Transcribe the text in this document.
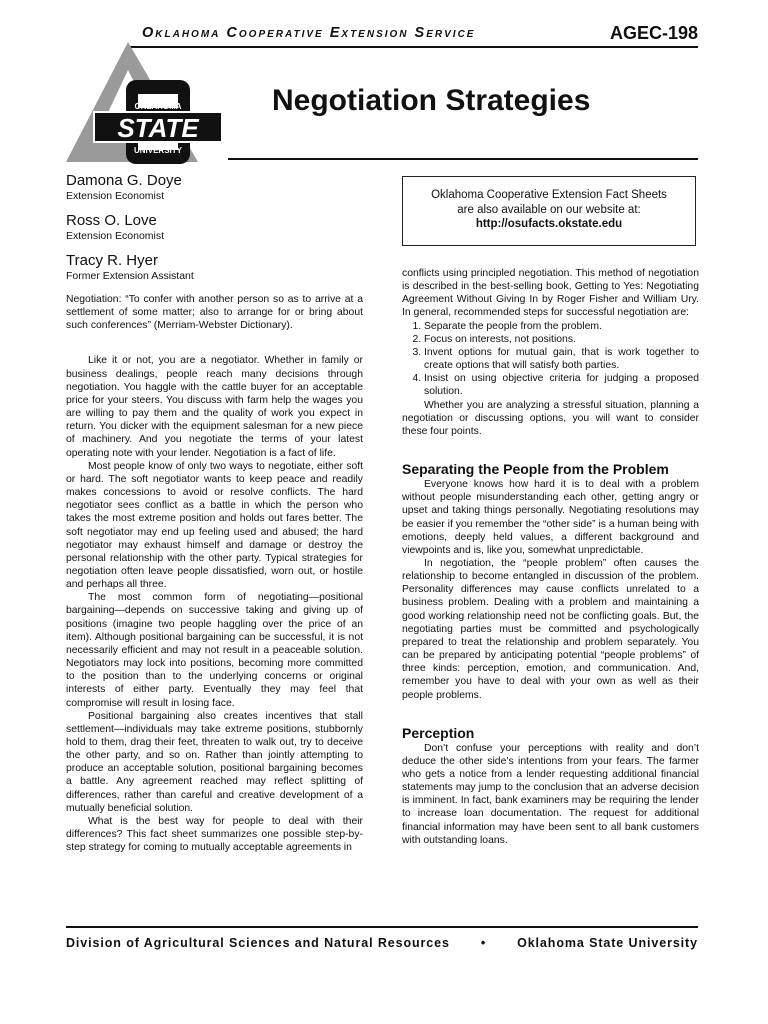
Oklahoma Cooperative Extension Service	AGEC-198
OKLAHOMA
STATE
UNIVERSITY
Negotiation Strategies
Damona G. Doye
Extension Economist
Ross O. Love
Extension Economist
Tracy R. Hyer
Former Extension Assistant
Oklahoma Cooperative Extension Fact Sheets
are also available on our website at:
http://osufacts.okstate.edu

Negotiation: “To confer with another person so as to arrive at a settlement of some matter; also to arrange for or bring about such conferences” (Merriam-Webster Dictionary).

Like it or not, you are a negotiator. Whether in family or business dealings, people reach many decisions through negotiation. You haggle with the cattle buyer for an acceptable price for your steers. You discuss with farm help the wages you are willing to pay them and the quality of work you expect in return. You dicker with the equipment salesman for a new piece of machinery. And you negotiate the terms of your latest operating note with your lender. Negotiation is a fact of life.

Most people know of only two ways to negotiate, either soft or hard. The soft negotiator wants to keep peace and readily makes concessions to avoid or resolve conflicts. The hard negotiator sees conflict as a battle in which the person who takes the most extreme position and holds out fares better. The soft negotiator may end up feeling used and abused; the hard negotiator may exhaust himself and damage or destroy the personal relationship with the other party. Typical strategies for negotiation often leave people dissatisfied, worn out, or hostile and perhaps all three.

The most common form of negotiating—positional bargaining—depends on successive taking and giving up of positions (imagine two people haggling over the price of an item). Although positional bargaining can be successful, it is not necessarily efficient and may not result in a peaceable solution. Negotiators may lock into positions, becoming more committed to the position than to the underlying concerns or original interests of either party. Eventually they may feel that compromise will result in losing face.

Positional bargaining also creates incentives that stall settlement—individuals may take extreme positions, stubbornly hold to them, drag their feet, threaten to walk out, try to deceive the other party, and so on. Rather than jointly attempting to produce an acceptable solution, positional bargaining becomes a battle. Any agreement reached may reflect splitting of differences, rather than careful and creative development of a mutually beneficial solution.

What is the best way for people to deal with their differences? This fact sheet summarizes one possible step-by-step strategy for coming to mutually acceptable agreements in

conflicts using principled negotiation. This method of negotiation is described in the best-selling book, Getting to Yes: Negotiating Agreement Without Giving In by Roger Fisher and William Ury. In general, recommended steps for successful negotiation are:

1. Separate the people from the problem.
2. Focus on interests, not positions.
3. Invent options for mutual gain, that is work together to create options that will satisfy both parties.
4. Insist on using objective criteria for judging a proposed solution.

Whether you are analyzing a stressful situation, planning a negotiation or discussing options, you will want to consider these four points.

Separating the People from the Problem

Everyone knows how hard it is to deal with a problem without people misunderstanding each other, getting angry or upset and taking things personally. Negotiating resolutions may be easier if you remember the “other side” is a human being with emotions, deeply held values, a different background and viewpoints and is, like you, somewhat unpredictable.

In negotiation, the “people problem” often causes the relationship to become entangled in discussion of the problem. Personality differences may cause conflicts unrelated to a business problem. Dealing with a problem and maintaining a good working relationship need not be conflicting goals. But, the negotiating parties must be committed and psychologically prepared to treat the relationship and problem separately. You can be prepared by anticipating potential “people problems” of three kinds: perception, emotion, and communication. And, remember you have to deal with your own as well as their people problems.

Perception

Don’t confuse your perceptions with reality and don’t deduce the other side’s intentions from your fears. The farmer who gets a notice from a lender requesting additional financial statements may jump to the conclusion that an adverse decision is imminent. In fact, bank examiners may be requiring the lender to increase loan documentation. The request for additional financial information may have been sent to all bank customers with outstanding loans.

Division of Agricultural Sciences and Natural Resources • Oklahoma State University
